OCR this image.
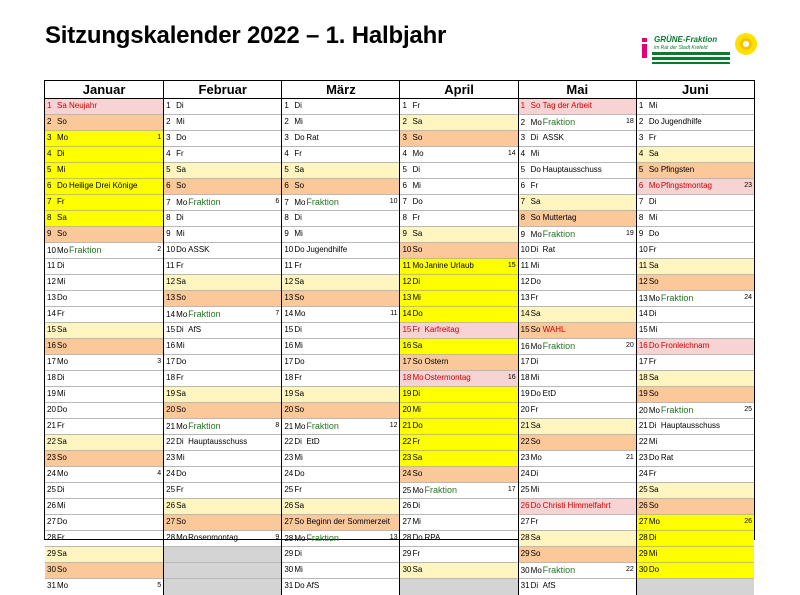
Sitzungskalender 2022 – 1. Halbjahr	GRÜNE-Fraktion
im Rat der Stadt Krefeld
Januar
1 Sa Neujahr
2 So
3 Mo	1
4 Di
5 Mi
6 Do Heilige Drei Könige
7 Fr
8 Sa
9 So
10MoFraktion	2
11 Di
12Mi
13Do
14Fr
15Sa
16So
17Mo	3
18Di
19Mi
20Do
21Fr
22Sa
23So
24Mo	4
25Di
26Mi
27Do
28Fr
29Sa
30So
31Mo	5
Februar
1 Di
2 Mi
3 Do
4 Fr
5 Sa
6 So
7 MoFraktion	6
8 Di
9 Mi
10Do ASSK
11 Fr
12Sa
13So
14MoFraktion	7
15Di AfS
16Mi
17Do
18Fr
19Sa
20So
21MoFraktion	8
22Di Hauptausschuss
23Mi
24Do
25Fr
26Sa
27So
28MoRosenmontag	9
März
1 Di
2 Mi
3 Do Rat
4 Fr
5 Sa
6 So
7 MoFraktion	10
8 Di
9 Mi
10Do Jugendhilfe
11 Fr
12Sa
13So
14Mo	11
15Di
16Mi
17Do
18Fr
19Sa
20So
21MoFraktion	12
22Di EtD
23Mi
24Do
25Fr
26Sa
27So Beginn der Sommerzeit
28MoFraktion	13
29Di
30Mi
31Do AfS
April
1 Fr
2 Sa
3 So
4 Mo	14
5 Di
6 Mi
7 Do
8 Fr
9 Sa
10So
11 MoJanine Urlaub	15
12Di
13Mi
14Do
15Fr Karfreitag
16Sa
17So Ostern
18MoOstermontag	16
19Di
20Mi
21Do
22Fr
23Sa
24So
25MoFraktion	17
26Di
27Mi
28Do RPA
29Fr
30Sa
Mai
1 So Tag der Arbeit
2 MoFraktion	18
3 Di ASSK
4 Mi
5 Do Hauptausschuss
6 Fr
7 Sa
8 So Muttertag
9 MoFraktion	19
10Di Rat
11 Mi
12Do
13Fr
14Sa
15So WAHL
16MoFraktion	20
17Di
18Mi
19Do EtD
20Fr
21Sa
22So
23Mo	21
24Di
25Mi
26Do Christi Himmelfahrt
27Fr
28Sa
29So
30MoFraktion	22
31Di AfS
Juni
1 Mi
2 Do Jugendhilfe
3 Fr
4 Sa
5 So Pfingsten
6 MoPfingstmontag	23
7 Di
8 Mi
9 Do
10Fr
11 Sa
12So
13MoFraktion	24
14Di
15Mi
16Do Fronleichnam
17Fr
18Sa
19So
20MoFraktion	25
21Di Hauptausschuss
22Mi
23Do Rat
24Fr
25Sa
26So
27Mo	26
28Di
29Mi
30Do
